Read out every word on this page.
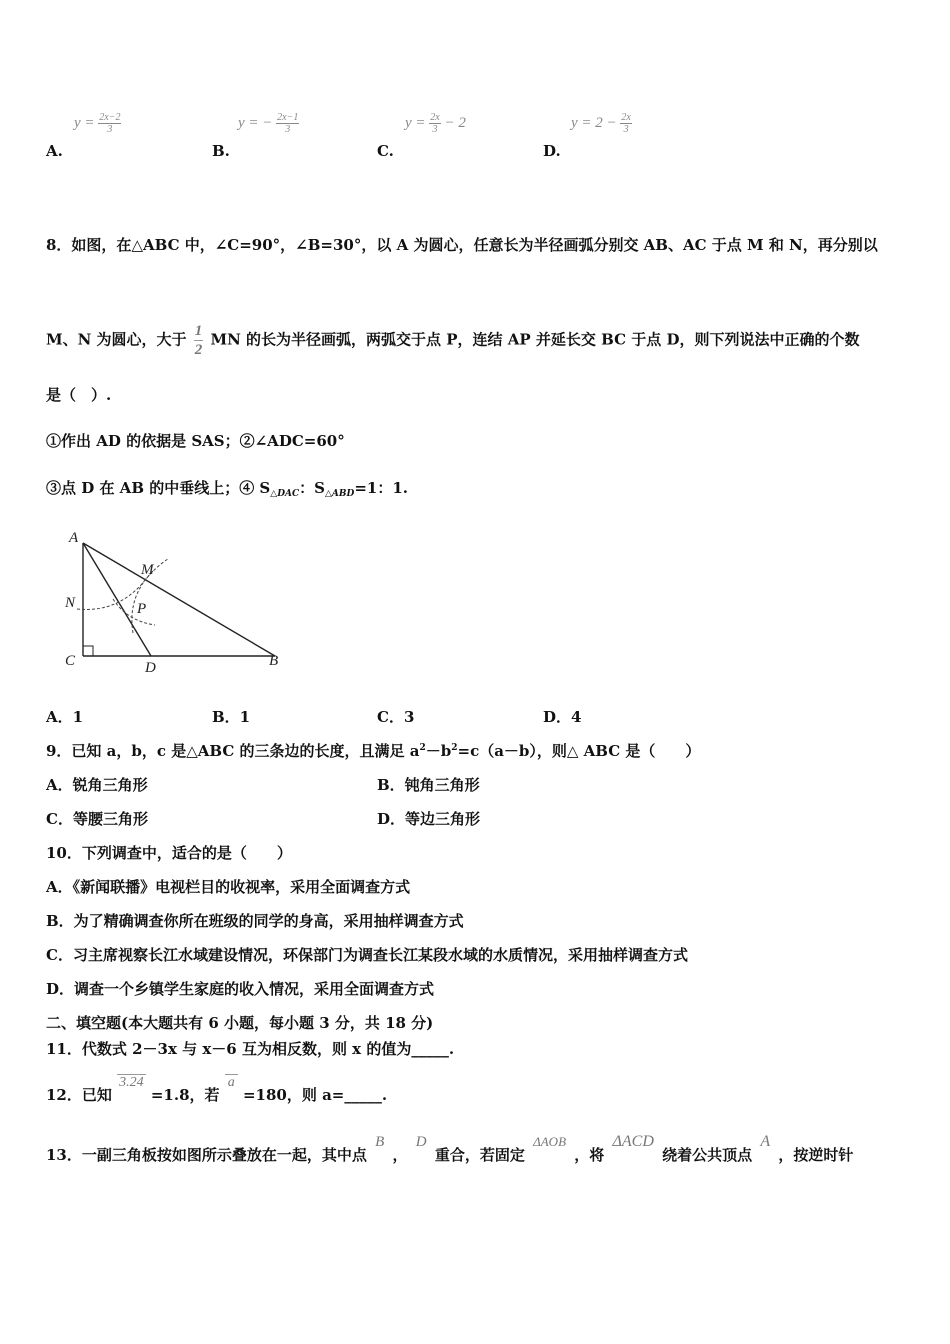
$y = \frac{2x-2}{3}$	y = − $\frac{2x-1}{3}$	$y = \frac{2x}{3} - 2$	$y = 2 - \frac{2x}{3}$
A.	B.	C.	D.
8．如图，在△ABC 中，∠C=90°，∠B=30°，以 A 为圆心，任意长为半径画弧分别交 AB、AC 于点 M 和 N，再分别以
M、N 为圆心，大于 $\frac{1}{2}$ MN 的长为半径画弧，两弧交于点 P，连结 AP 并延长交 BC 于点 D，则下列说法中正确的个数
是（　）.
①作出 AD 的依据是 SAS；②∠ADC=60°
③点 D 在 AB 的中垂线上；④ $S_{\triangle DAC}$：$S_{\triangle ABD}=1$：1.
A
B
C	D
M
N	P
A．1	B．1	C．3	D．4
9．已知 a，b，c 是△ABC 的三条边的长度，且满足 $a^2-b^2=c(a-b)$，则△ ABC 是（　　）
A．锐角三角形	B．钝角三角形
C．等腰三角形	D．等边三角形
10．下列调查中，适合的是（　　）
A．《新闻联播》电视栏目的收视率，采用全面调查方式
B．为了精确调查你所在班级的同学的身高，采用抽样调查方式
C．习主席视察长江水域建设情况，环保部门为调查长江某段水域的水质情况，采用抽样调查方式
D．调查一个乡镇学生家庭的收入情况，采用全面调查方式
二、填空题(本大题共有 6 小题，每小题 3 分，共 18 分)
11．代数式 2－3x 与 x－6 互为相反数，则 x 的值为_____.
12．已知 3.24 =1.8，若 a =180，则 a=_____.
13．一副三角板按如图所示叠放在一起，其中点 B ， D 重合，若固定 ΔAOB ，将 ΔACD 绕着公共顶点 A ，按逆时针
